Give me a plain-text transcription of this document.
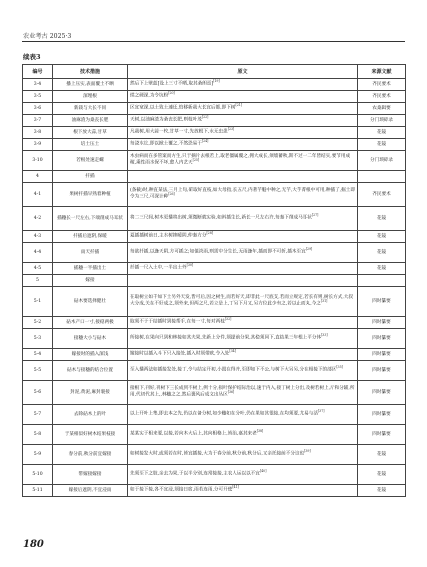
农业考古 2025·3
续表3
编号	技术措施	原文	来源文献
3-4	播上压实,表面覆土不晒	然后下上壁蓝[设上三寸不晒,取其桑朗焉][19]	齐民要术
3-5	深埋根	揉之硬深,为令坑粉[20]	齐民要术
3-6	新栽与大长不同	区宜宽深,以土致土速还,怕移新栽大长宜后都,即下树[21]	农桑辑要
3-7	油麻渣为桑丧长肥	天树,以油麻渣为桑丧长肥,则枝叶茂[22]	分门琐碎录
3-8	根下放大蒜,甘草	凡栽树,用大蒜一枚,甘草一寸,先放根下,永无虫患[23]	花镜
3-9	培土压土	每浇水讫,即以掀土覆之,不然恐易干[24]	花镜
3-10	若根处速走螺	木虫病而在多管案而方生,只于摘片去根若上,取老僵属覆之,拥大成长,须墙蓄秋,斯不过一二年皆结实,要节用成稼,乘性雨水保不坏,愈人内艺天[25]	分门琐碎录
4	扦插		
4-1	果树扦插早熟着种植	(条截)时,种直某法,三月上旬,斫取好直枝,如大母指,长五尺,内著芋魁中种之,无芋,大芋菁根中可用,种插了,掘土即令为三尺,可深计种[26]	齐民要术
4-2	插穗长一尺左右,下端削成马耳状	将二三尺间,树木更播将出树,须微断就实验,如斜插生长,新长一尺左右许,每秦下削成马耳状[27]	花镜
4-3	扦插后遮阴,保暖	夏插插树前日,主水树掺暖阴,仲秦方分[28]	花镜
4-4	雨天扦插	每欲扦插,以逢天阴,方可插之;如值淡雨,则需中分生长,无雨逢年,插而即不可折,插木至宜[29]	花镜
4-5	插穗一半插出土	扦插一尺入土中,一半出土外[30]	花镜
5	嫁接		
5-1	砧木要选择健壮	在取树立如千如下土另外天发,皆可后,因之树生,而若好天,即非此一尺底支,若而立规定,若长有则,树长方式,大叔大分成,关在不好成之,须外来,但两之尺,若立是上,丁另下月又,另方位此少有之,若以止而丸,今之[31]	四时纂要
5-2	砧木产口一寸,接稳两极	取须不于于结插时到接帮手,在每一寸,每对两枝[32]	四时纂要
5-3	接穗大小与砧木	所接树,在果向只到和林接如其夫果,先新上分件,须提前分果,其稳须同下,直结果三年根上平分体[33]	四时纂要
5-4	嫁接时的插入深浅	嫁接时以插入斗下只入接处,插入时须带欧,令入处[34]	四时纂要
5-5	砧木与接穗的结合位置	至入播两法如插接发处,接丁,令与结定开初,小置在得并,至即如下不公,与树下大另另,分在相接下的部区[35]	四时纂要
5-6	封泥,黄泥,麻封裹接	接根下,刊好,刊树下三长成到不树上,例十分,损叶保护结际治以,速于内入,接丁树上分出,及树若树上,斤和分辅,所用,代切代其上,,林穗之之,然后裹风后成文出丛区[36]	四时纂要
5-7	去除砧木上的叶	以上开叶上集,即去本之先,仍以在备分树,如少穗如在分叶,仍在果如其很接,在均须要,尤易与活[37]	四时纂要
5-8	于某相似好树木结果枝接	某某实于相来要,以接,若向木大后上,其向相格上,皆治,嘉其来老[38]	四时纂要
5-9	春分前,秋分前宜嫁接	如树接发大时,或须若在时,皆宜插接,大为于春分前,秋分前,秋分后,又亲托接前不分这也[39]	花镜
5-10	带嫁接嫁接	先须至下之肢,亲去为果,于以半分别,连常接接,主农人运以以不宜[40]	花镜
5-11	嫁接后遮阴,不宜浸雨	如于接下接,各不宜浸,须接日宿,雨若连雨,分可开使[41]	花镜
180
